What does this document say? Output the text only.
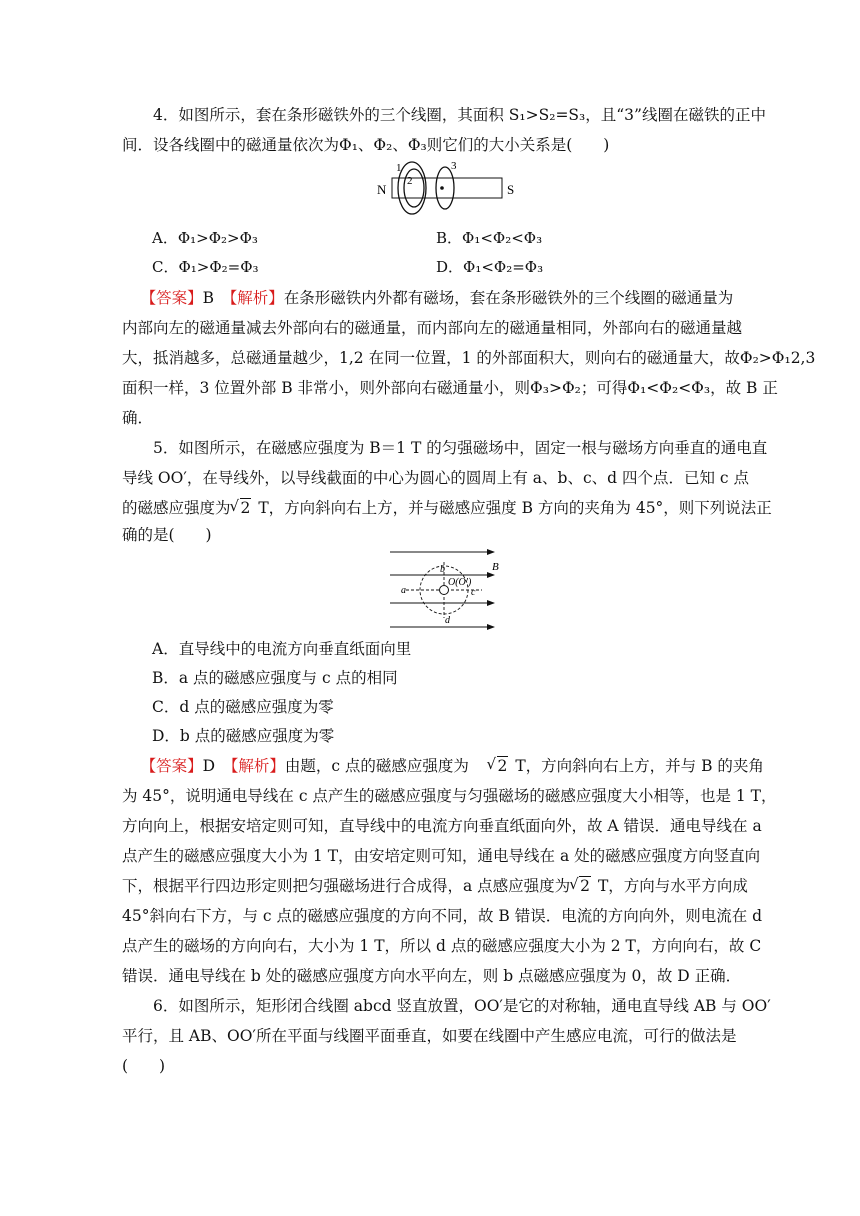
4．如图所示，套在条形磁铁外的三个线圈，其面积 S₁>S₂=S₃，且“3”线圈在磁铁的正中
间．设各线圈中的磁通量依次为Φ₁、Φ₂、Φ₃则它们的大小关系是(　　)
N	S
1
2
3
A．Φ₁>Φ₂>Φ₃	B．Φ₁<Φ₂<Φ₃
C．Φ₁>Φ₂=Φ₃	D．Φ₁<Φ₂=Φ₃
【答案】B　 【解析】在条形磁铁内外都有磁场，套在条形磁铁外的三个线圈的磁通量为
内部向左的磁通量减去外部向右的磁通量，而内部向左的磁通量相同，外部向右的磁通量越
大，抵消越多，总磁通量越少，1,2 在同一位置，1 的外部面积大，则向右的磁通量大，故Φ₂>Φ₁2,3
面积一样，3 位置外部 B 非常小，则外部向右磁通量小，则Φ₃>Φ₂；可得Φ₁<Φ₂<Φ₃，故 B 正
确．
5．如图所示，在磁感应强度为 B＝1 T 的匀强磁场中，固定一根与磁场方向垂直的通电直
导线 OO′，在导线外，以导线截面的中心为圆心的圆周上有 a、b、c、d 四个点．已知 c 点
的磁感应强度为 √ 2 T，方向斜向右上方，并与磁感应强度 B 方向的夹角为 45°，则下列说法正
确的是(　　)
B
O(O′)
a
b
c
d
A．直导线中的电流方向垂直纸面向里
B．a 点的磁感应强度与 c 点的相同
C．d 点的磁感应强度为零
D．b 点的磁感应强度为零
【答案】D　 【解析】由题，c 点的磁感应强度为 √ 2 T，方向斜向右上方，并与 B 的夹角
为 45°，说明通电导线在 c 点产生的磁感应强度与匀强磁场的磁感应强度大小相等，也是 1 T，
方向向上，根据安培定则可知，直导线中的电流方向垂直纸面向外，故 A 错误．通电导线在 a
点产生的磁感应强度大小为 1 T，由安培定则可知，通电导线在 a 处的磁感应强度方向竖直向
下，根据平行四边形定则把匀强磁场进行合成得，a 点感应强度为 √ 2 T，方向与水平方向成
45°斜向右下方，与 c 点的磁感应强度的方向不同，故 B 错误．电流的方向向外，则电流在 d
点产生的磁场的方向向右，大小为 1 T，所以 d 点的磁感应强度大小为 2 T，方向向右，故 C
错误．通电导线在 b 处的磁感应强度方向水平向左，则 b 点磁感应强度为 0，故 D 正确．
6．如图所示，矩形闭合线圈 abcd 竖直放置，OO′是它的对称轴，通电直导线 AB 与 OO′
平行，且 AB、OO′所在平面与线圈平面垂直，如要在线圈中产生感应电流，可行的做法是
(　　)
